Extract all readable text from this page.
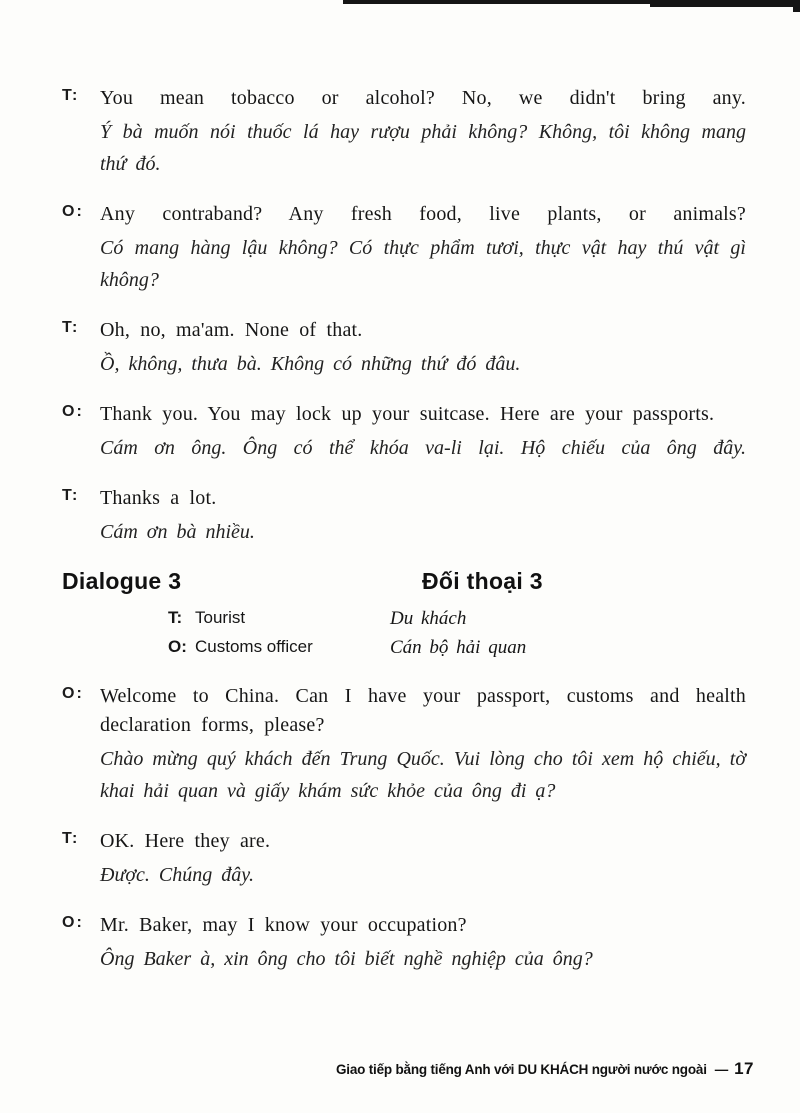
T:	You mean tobacco or alcohol? No, we didn't bring any.

Ý bà muốn nói thuốc lá hay rượu phải không? Không, tôi không mang thứ đó.

O: Any contraband? Any fresh food, live plants, or animals?

Có mang hàng lậu không? Có thực phẩm tươi, thực vật hay thú vật gì không?

T:	Oh, no, ma'am. None of that.

Ồ, không, thưa bà. Không có những thứ đó đâu.

O: Thank you. You may lock up your suitcase. Here are your passports.

Cám ơn ông. Ông có thể khóa va-li lại. Hộ chiếu của ông đây.

T:	Thanks a lot.

Cám ơn bà nhiều.

Dialogue 3	Đối thoại 3
T: Tourist	Du khách
O: Customs officer	Cán bộ hải quan
O: Welcome to China. Can I have your passport, customs and health declaration forms, please?

Chào mừng quý khách đến Trung Quốc. Vui lòng cho tôi xem hộ chiếu, tờ khai hải quan và giấy khám sức khỏe của ông đi ạ?

T:	OK. Here they are.

Được. Chúng đây.

O: Mr. Baker, may I know your occupation?

Ông Baker à, xin ông cho tôi biết nghề nghiệp của ông?

Giao tiếp bằng tiếng Anh với DU KHÁCH người nước ngoài — 17
